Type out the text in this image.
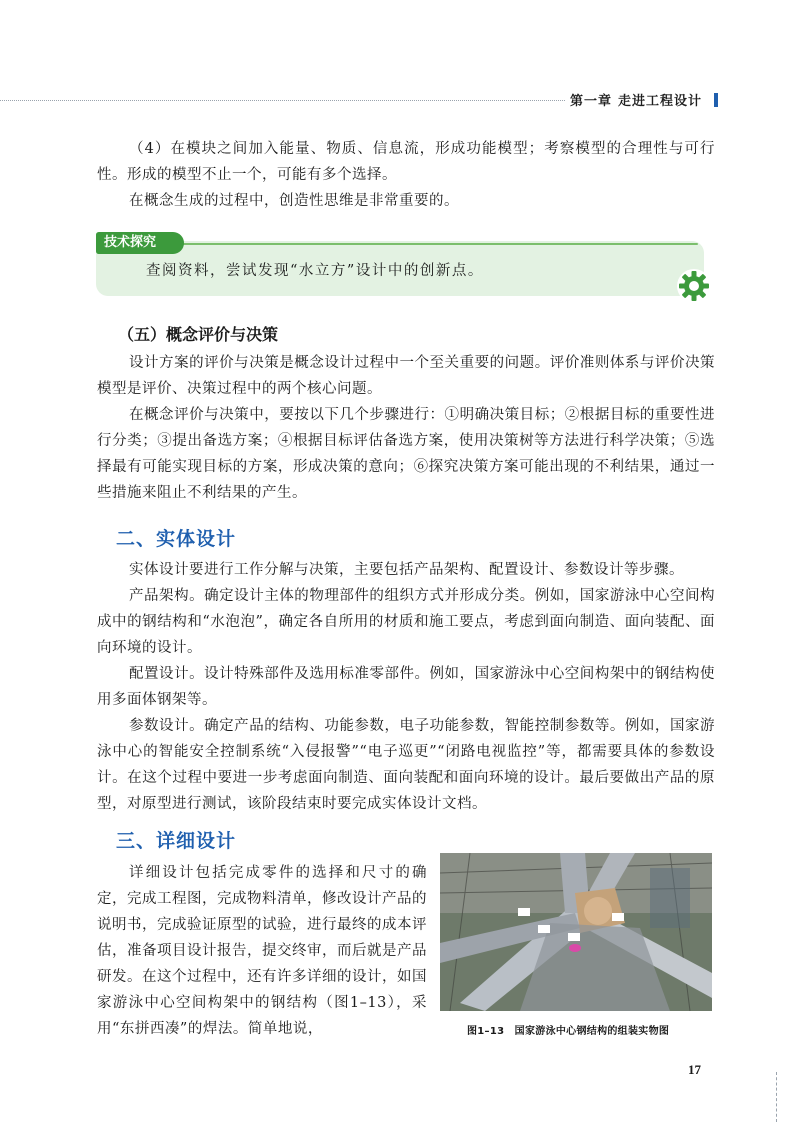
第一章 走进工程设计

（4）在模块之间加入能量、物质、信息流，形成功能模型；考察模型的合理性与可行性。形成的模型不止一个，可能有多个选择。

在概念生成的过程中，创造性思维是非常重要的。

技术探究
查阅资料，尝试发现“水立方”设计中的创新点。
（五）概念评价与决策

设计方案的评价与决策是概念设计过程中一个至关重要的问题。评价准则体系与评价决策模型是评价、决策过程中的两个核心问题。

在概念评价与决策中，要按以下几个步骤进行：①明确决策目标；②根据目标的重要性进行分类；③提出备选方案；④根据目标评估备选方案，使用决策树等方法进行科学决策；⑤选择最有可能实现目标的方案，形成决策的意向；⑥探究决策方案可能出现的不利结果，通过一些措施来阻止不利结果的产生。

二、实体设计

实体设计要进行工作分解与决策，主要包括产品架构、配置设计、参数设计等步骤。

产品架构。确定设计主体的物理部件的组织方式并形成分类。例如，国家游泳中心空间构成中的钢结构和“水泡泡”，确定各自所用的材质和施工要点，考虑到面向制造、面向装配、面向环境的设计。

配置设计。设计特殊部件及选用标准零部件。例如，国家游泳中心空间构架中的钢结构使用多面体钢架等。

参数设计。确定产品的结构、功能参数，电子功能参数，智能控制参数等。例如，国家游泳中心的智能安全控制系统“入侵报警”“电子巡更”“闭路电视监控”等，都需要具体的参数设计。在这个过程中要进一步考虑面向制造、面向装配和面向环境的设计。最后要做出产品的原型，对原型进行测试，该阶段结束时要完成实体设计文档。

三、详细设计

详细设计包括完成零件的选择和尺寸的确定，完成工程图，完成物料清单，修改设计产品的说明书，完成验证原型的试验，进行最终的成本评估，准备项目设计报告，提交终审，而后就是产品研发。在这个过程中，还有许多详细的设计，如国家游泳中心空间构架中的钢结构（图1–13），采用“东拼西凑”的焊法。简单地说，	图1–13　国家游泳中心钢结构的组装实物图
17
